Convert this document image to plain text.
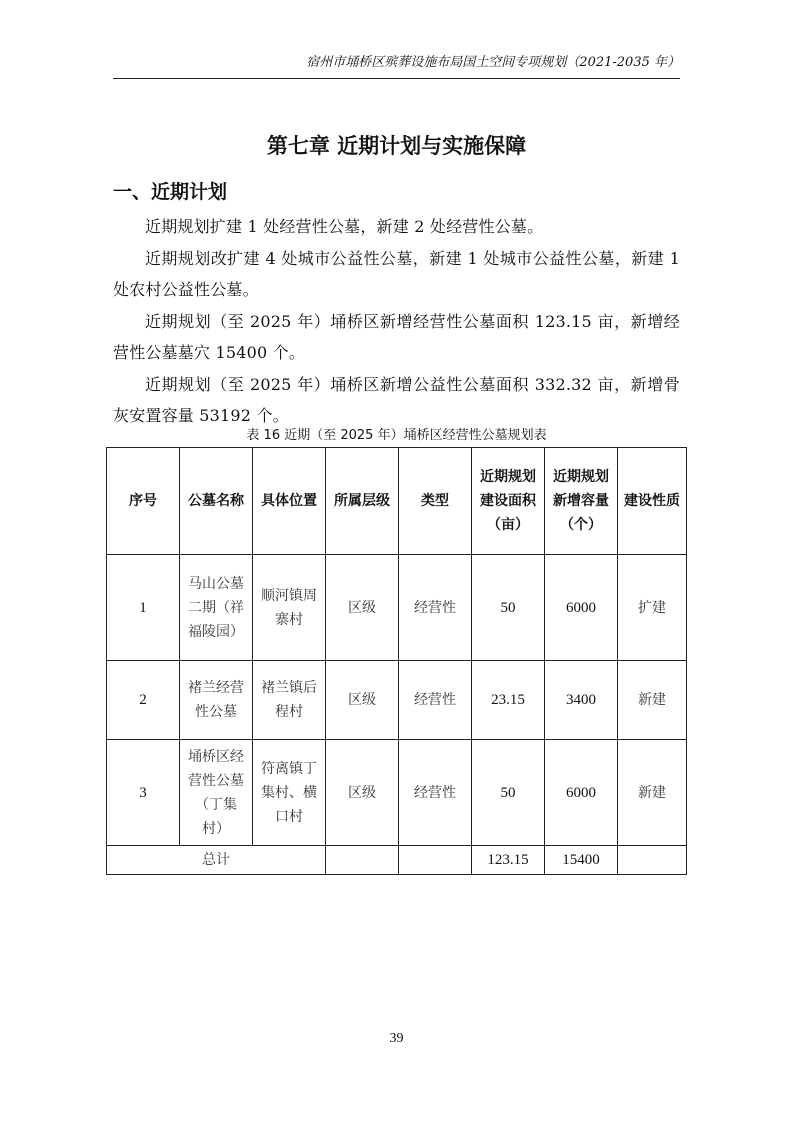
宿州市埇桥区殡葬设施布局国土空间专项规划（2021-2035 年）
第七章 近期计划与实施保障
一、近期计划

近期规划扩建 1 处经营性公墓，新建 2 处经营性公墓。

近期规划改扩建 4 处城市公益性公墓，新建 1 处城市公益性公墓，新建 1 处农村公益性公墓。

近期规划（至 2025 年）埇桥区新增经营性公墓面积 123.15 亩，新增经营性公墓墓穴 15400 个。

近期规划（至 2025 年）埇桥区新增公益性公墓面积 332.32 亩，新增骨灰安置容量 53192 个。

表 16 近期（至 2025 年）埇桥区经营性公墓规划表
序号	公墓名称	具体位置	所属层级	类型	近期规划建设面积（亩）	近期规划新增容量（个）	建设性质
1	马山公墓二期（祥福陵园）	顺河镇周寨村	区级	经营性	50	6000	扩建
2	褚兰经营性公墓	褚兰镇后程村	区级	经营性	23.15	3400	新建
3	埇桥区经营性公墓（丁集村）	符离镇丁集村、横口村	区级	经营性	50	6000	新建
总计					123.15	15400	
39
